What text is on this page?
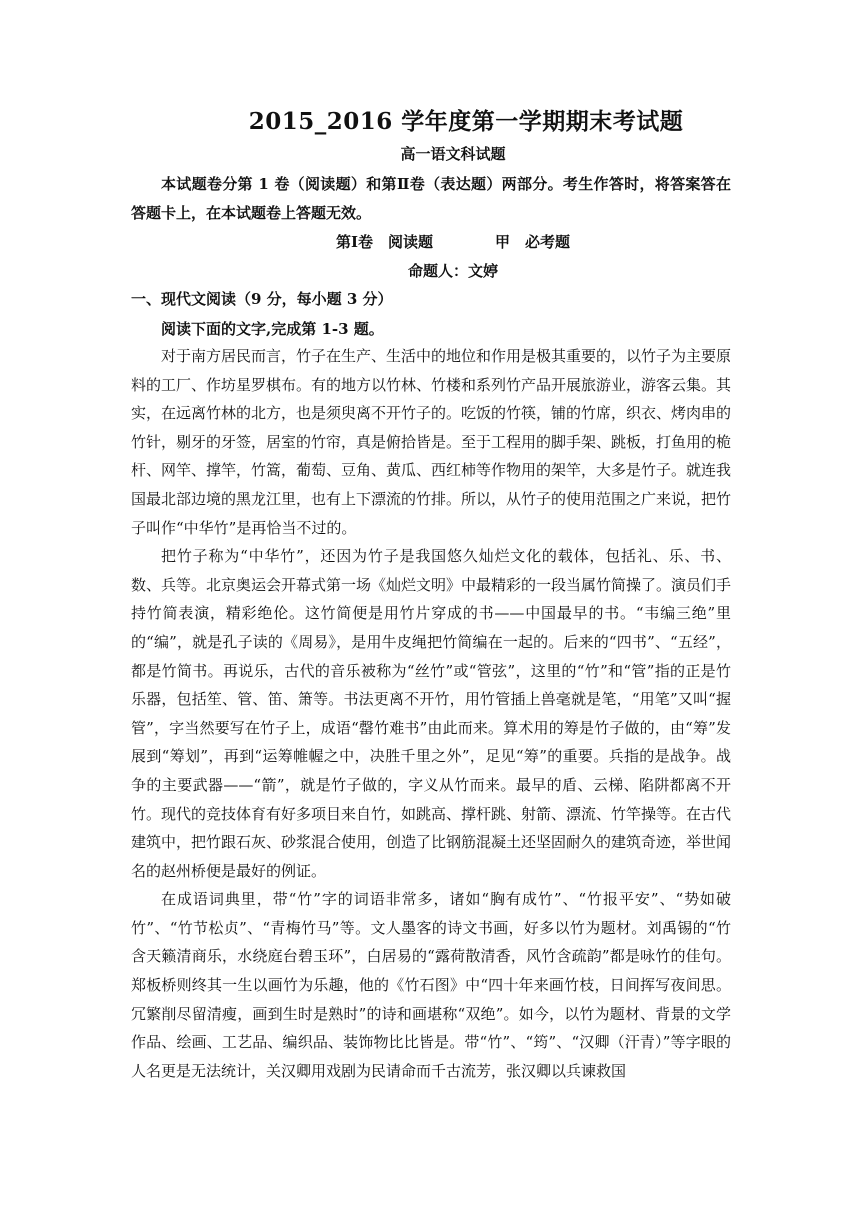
2015_2016 学年度第一学期期末考试题
高一语文科试题
本试题卷分第 1 卷（阅读题）和第Ⅱ卷（表达题）两部分。考生作答时，将答案答在答题卡上，在本试题卷上答题无效。
第Ⅰ卷　阅读题	甲　必考题
命题人：文婷
一、现代文阅读（9 分，每小题 3 分）
阅读下面的文字,完成第 1-3 题。

对于南方居民而言，竹子在生产、生活中的地位和作用是极其重要的，以竹子为主要原料的工厂、作坊星罗棋布。有的地方以竹林、竹楼和系列竹产品开展旅游业，游客云集。其实，在远离竹林的北方，也是须臾离不开竹子的。吃饭的竹筷，铺的竹席，织衣、烤肉串的竹针，剔牙的牙签，居室的竹帘，真是俯拾皆是。至于工程用的脚手架、跳板，打鱼用的桅杆、网竿、撑竿，竹篙，葡萄、豆角、黄瓜、西红柿等作物用的架竿，大多是竹子。就连我国最北部边境的黑龙江里，也有上下漂流的竹排。所以，从竹子的使用范围之广来说，把竹子叫作“中华竹”是再恰当不过的。

把竹子称为“中华竹”，还因为竹子是我国悠久灿烂文化的载体，包括礼、乐、书、数、兵等。北京奥运会开幕式第一场《灿烂文明》中最精彩的一段当属竹简操了。演员们手持竹简表演，精彩绝伦。这竹简便是用竹片穿成的书——中国最早的书。“韦编三绝”里的“编”，就是孔子读的《周易》，是用牛皮绳把竹简编在一起的。后来的“四书”、“五经”，都是竹简书。再说乐，古代的音乐被称为“丝竹”或“管弦”，这里的“竹”和“管”指的正是竹乐器，包括笙、管、笛、箫等。书法更离不开竹，用竹管插上兽毫就是笔，“用笔”又叫“握管”，字当然要写在竹子上，成语“罄竹难书”由此而来。算术用的筹是竹子做的，由“筹”发展到“筹划”，再到“运筹帷幄之中，决胜千里之外”，足见“筹”的重要。兵指的是战争。战争的主要武器——“箭”，就是竹子做的，字义从竹而来。最早的盾、云梯、陷阱都离不开竹。现代的竞技体育有好多项目来自竹，如跳高、撑杆跳、射箭、漂流、竹竿操等。在古代建筑中，把竹跟石灰、砂浆混合使用，创造了比钢筋混凝土还坚固耐久的建筑奇迹，举世闻名的赵州桥便是最好的例证。

在成语词典里，带“竹”字的词语非常多，诸如“胸有成竹”、“竹报平安”、“势如破竹”、“竹节松贞”、“青梅竹马”等。文人墨客的诗文书画，好多以竹为题材。刘禹锡的“竹含天籁清商乐，水绕庭台碧玉环”，白居易的“露荷散清香，风竹含疏韵”都是咏竹的佳句。郑板桥则终其一生以画竹为乐趣，他的《竹石图》中“四十年来画竹枝，日间挥写夜间思。冗繁削尽留清瘦，画到生时是熟时”的诗和画堪称“双绝”。如今，以竹为题材、背景的文学作品、绘画、工艺品、编织品、装饰物比比皆是。带“竹”、“筠”、“汉卿（汗青）”等字眼的人名更是无法统计，关汉卿用戏剧为民请命而千古流芳，张汉卿以兵谏救国
